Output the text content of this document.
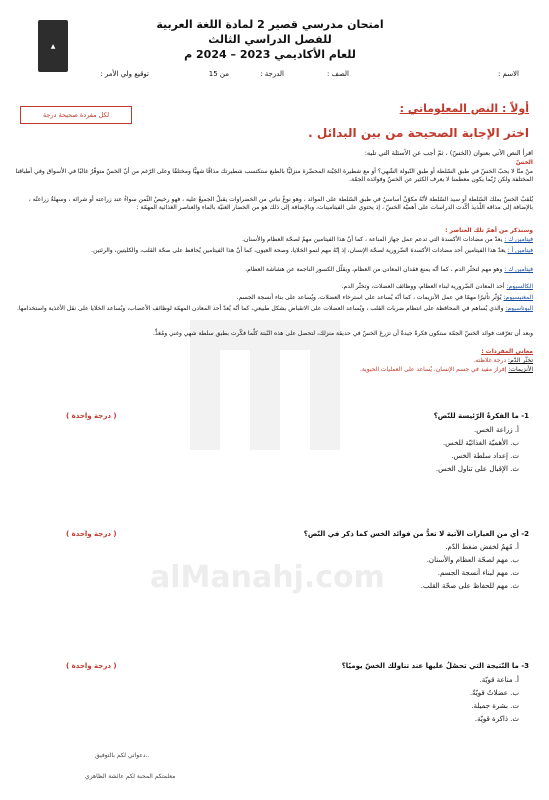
▲
امتحان مدرسي قصير 2 لمادة اللغة العربية
للفصل الدراسي الثالث
للعام الأكاديمي 2023 – 2024 م
الاسم :
الصف :
الدرجة :
من 15
توقيع ولي الأمر :
لكل مفردة صحيحة درجة	أولاً : النص المعلوماتي :
اختر الإجابة الصحيحة من بين البدائل .
alManahj.com
اقرأ النص الآتي بعنوان (الخسّ) ، ثمّ أجب عن الأسئلة التي تليه:
الخسّ
منْ منّا لا يحبّ الخسّ في طبق السّلطة أو طبق التّبولة الشّهي؟ أو مع شطيرة الجَبْنة المحضّرة منزليًّا بالطبع ستكتسب شطيرتك مذاقًا شهيًّا ومختلفًا وعلى الرّغم من أنّ الخسّ متوفّرٌ غالبًا في الأسواق وفي أطباقنا المختلفة ولكن رُبّما يكون معظمنا لا يعرف الكثير عن الخسّ وفوائده الجمّة.
يُلقبُ الخسّ بملك السّلطة أو سيد السّلطة لأنّهُ مكوّنٌ أساسيٌ في طبق السّلطة على الموائد ، وهو نوعٌ نباتي من الخضراوات يقبلُ الجميعُ عليه ، فهو رخيصُ الثّمن سواءٌ عند زراعته أو شرائه ، وسهلةٌ زراعتُه ، بالإضافة إلى مذاقه اللّذيذ أكّدت الدراسات على أهميّة الخسّ ، إذ يحتوي على الفيتامينات، وبالإضافة إلى ذلك هو من الخضار الغنيّة بالماء والعناصر الغذائية المهمّة :
وسنذكر من أهمّ تلك العناصر :
فيتامين ك : يعدّ من مضادات الأكسدة التي تدعم عمل جهاز المناعة ، كما أنّ هذا الفيتامين مهمٌ لصحّة العظام والأسنان.
فيتامين أ : يعدّ هذا الفيتامين أحد مضادات الأكسدة الضّرورية لصحّة الإنسان، إذ إنّهُ مهم لنمو الخلايا، وصحة العيون، كما أنّ هذا الفيتامين يُحافظ على صحّة القلب، والكليتين، والرئتين.
فيتامين ك : وهو مهم لتخثّر الدم ، كما أنّه يمنع فقدان المعادن من العظام، ويقلّل الكسور الناجمة عن هشاشة العظام.
الكالسيوم: أحد المعادن الضّرورية لبناء العظام، ووظائف العضلات، وتخثّر الدم.
المغنيسيوم: يُؤثّر تأثيرًا مهمًا في عمل الأنزيمات ، كما أنّه يُساعد على استرخاء العضلات، ويُساعد على بناء أنسجة الجسم.
البوتاسيوم: والذي يُساهم في المحافظة على انتظام ضربات القلب ، ويُساعد العضلات على الانقباض بشكل طبيعي، كما أنّه يُعدّ أحد المعادن المهمّة لوظائف الأعصاب، ويُساعد الخلايا على نقل الأغذية واستخدامها.
وبعد أن تعرّفت فوائد الخسّ الجمّة ستكون فكرةً جيدةً أن تزرعَ الخسّ في حديقة منزلك، لتحصل على هذه النّبتة كلّما فكّرت بطبق سلطة شهي وغني ومُغذٍّ.
معاني المفردات :
تخثّر الدّم: درجة غلاظته.
الأنزيمات: إفراز مفيد في جسم الإنسان، يُساعد على العمليات الحيوية.
1- ما الفكرةُ الرّئيسة للنّص؟
( درجة واحدة )
أ. زراعة الخس.
ب. الأهميّة الغذائيّة للخس.
ت. إعداد سلطة الخس.
ث. الإقبال على تناول الخس.
2- أي من العبارات الآتية لا تعدُّ من فوائد الخس كما ذكر في النّص؟
( درجة واحدة )
أ. مُهمٌ لخفض ضغط الدّم.
ب. مهم لصحّة العظام والأسنان.
ت. مهم لبناء أنسجة الجسم.
ث. مهم للحفاظ على صحّة القلب.
3- ما النّتيجة التي تحصُلُ عليها عند تناولك الخسّ يوميًا؟
( درجة واحدة )
أ. مناعة قويّة.
ب. عضلاتٌ قويّةٌ.
ت. بشرة جميلة.
ث. ذاكرة قويّة.
دعواتي لكم بالتوفيق..
معلمتكم المحبة لكم عائشة الظاهري
